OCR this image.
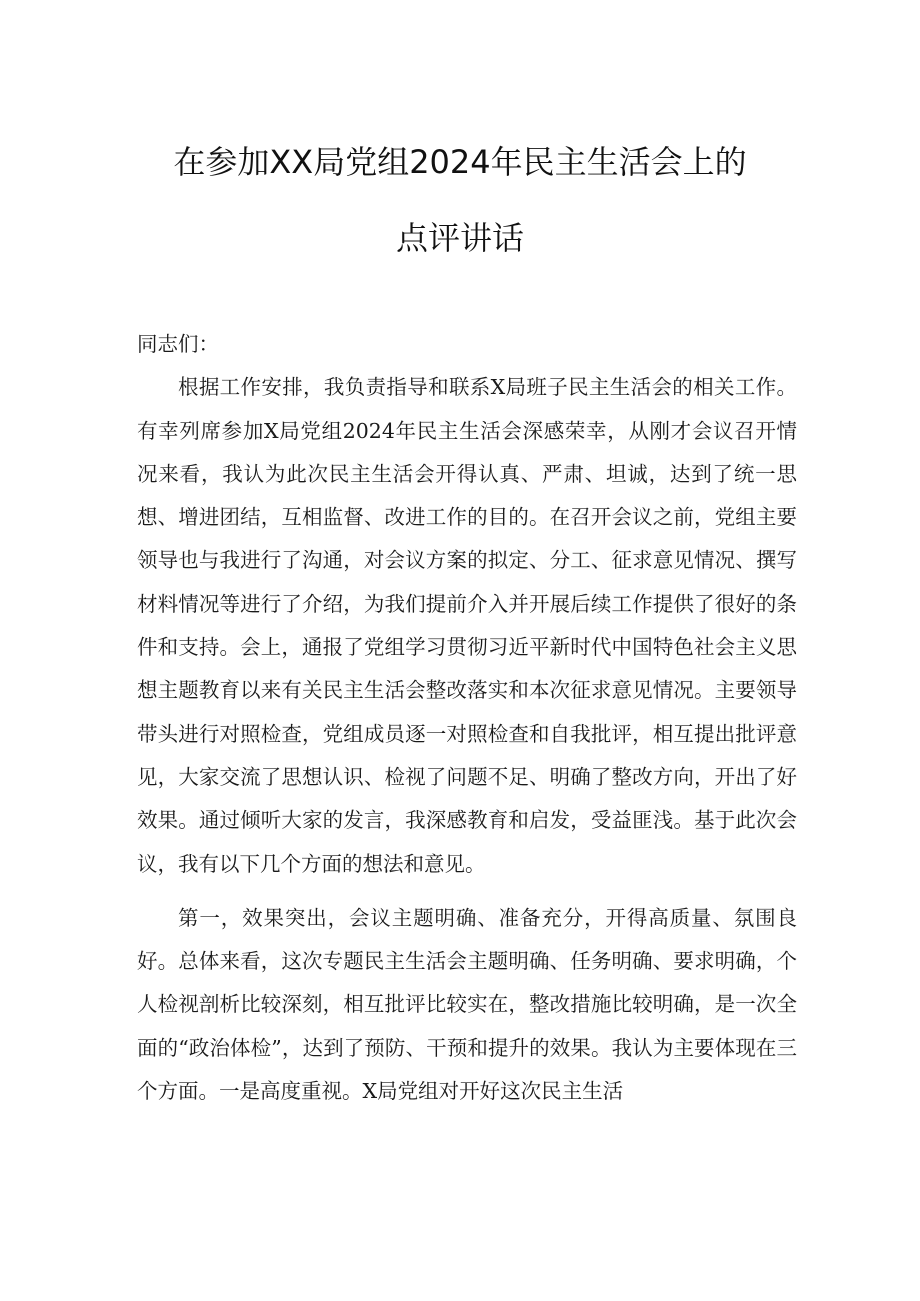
在参加XX局党组2024年民主生活会上的
点评讲话

同志们：

根据工作安排，我负责指导和联系X局班子民主生活会的相关工作。有幸列席参加X局党组2024年民主生活会深感荣幸，从刚才会议召开情况来看，我认为此次民主生活会开得认真、严肃、坦诚，达到了统一思想、增进团结，互相监督、改进工作的目的。在召开会议之前，党组主要领导也与我进行了沟通，对会议方案的拟定、分工、征求意见情况、撰写材料情况等进行了介绍，为我们提前介入并开展后续工作提供了很好的条件和支持。会上，通报了党组学习贯彻习近平新时代中国特色社会主义思想主题教育以来有关民主生活会整改落实和本次征求意见情况。主要领导带头进行对照检查，党组成员逐一对照检查和自我批评，相互提出批评意见，大家交流了思想认识、检视了问题不足、明确了整改方向，开出了好效果。通过倾听大家的发言，我深感教育和启发，受益匪浅。基于此次会议，我有以下几个方面的想法和意见。

第一，效果突出，会议主题明确、准备充分，开得高质量、氛围良好。总体来看，这次专题民主生活会主题明确、任务明确、要求明确，个人检视剖析比较深刻，相互批评比较实在，整改措施比较明确，是一次全面的“政治体检”，达到了预防、干预和提升的效果。我认为主要体现在三个方面。一是高度重视。X局党组对开好这次民主生活
